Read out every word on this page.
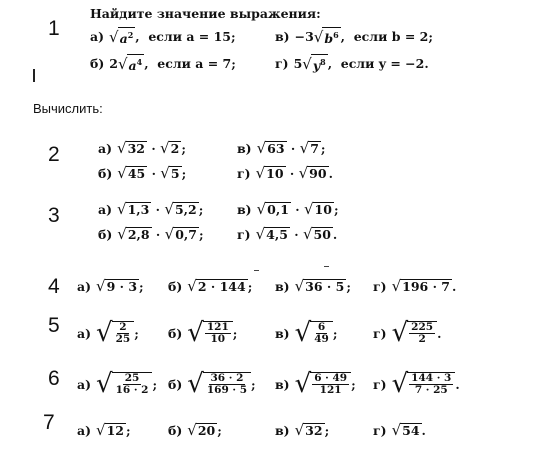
1
Найдите значение выражения:
а) √ $a^2$ ,  если a = 15;	в) −3 √ $b^6$ ,  если b = 2;
б) 2 √ $a^4$ ,  если a = 7;	г) 5 √ $y^8$ ,  если y = −2.
Вычислить:
2	а) √ 32 · √ 2 ;	в) √ 63 · √ 7 ;
б) √ 45 · √ 5 ;	г) √ 10 · √ 90 .
3	а) √ 1,3 · √ 5,2 ;	в) √ 0,1 · √ 10 ;
б) √ 2,8 · √ 0,7 ;	г) √ 4,5 · √ 50 .
4 а) √ 9 · 3 ; б) √ 2 · 144 ; в) √ 36 · 5 ; г) √ 196 · 7 .
5 а) √ $\frac{2}{25}$ ; б) √ $\frac{121}{10}$ ;	в) √ $\frac{6}{49}$ ;	г) √ $\frac{225}{2}$ .
6 а) √ $\frac{25}{16 \cdot 2}$ ; б) √ $\frac{36 \cdot 2}{169 \cdot 5}$ ; в) √ $\frac{6 \cdot 49}{121}$ ; г) √ $\frac{144 \cdot 3}{7 \cdot 25}$ .
7 а) √ 12 ;	б) √ 20 ;	в) √ 32 ;	г) √ 54 .
